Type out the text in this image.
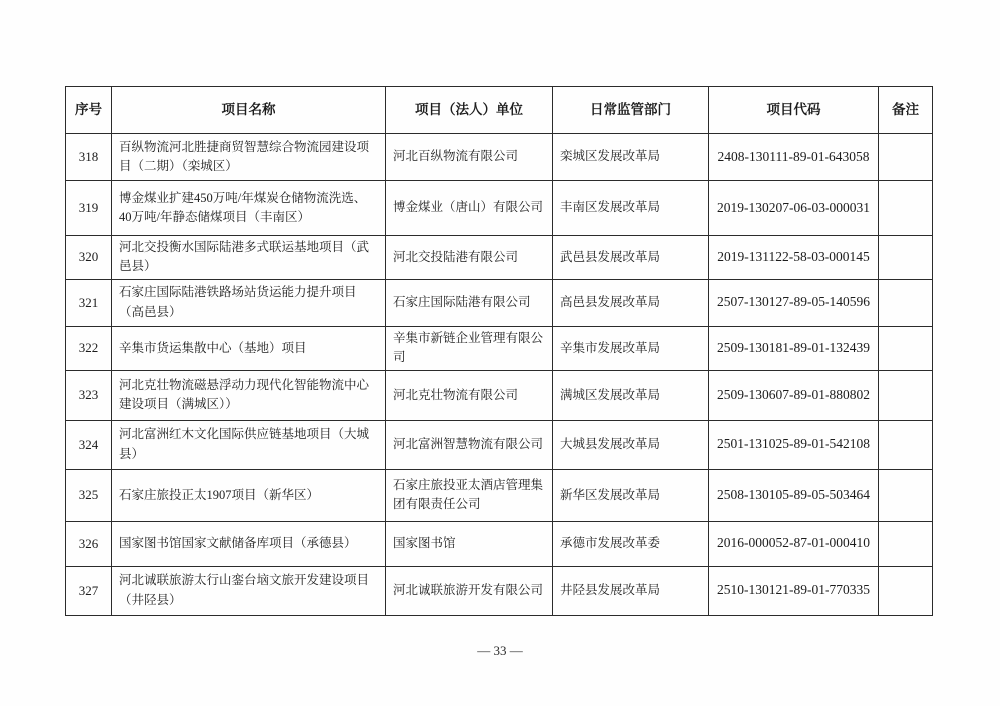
序号	项目名称	项目（法人）单位	日常监管部门	项目代码	备注
318	百纵物流河北胜捷商贸智慧综合物流园建设项目（二期）（栾城区）	河北百纵物流有限公司	栾城区发展改革局	2408-130111-89-01-643058	
319	博金煤业扩建450万吨/年煤炭仓储物流洗选、40万吨/年静态储煤项目（丰南区）	博金煤业（唐山）有限公司	丰南区发展改革局	2019-130207-06-03-000031	
320	河北交投衡水国际陆港多式联运基地项目（武邑县）	河北交投陆港有限公司	武邑县发展改革局	2019-131122-58-03-000145	
321	石家庄国际陆港铁路场站货运能力提升项目（高邑县）	石家庄国际陆港有限公司	高邑县发展改革局	2507-130127-89-05-140596	
322	辛集市货运集散中心（基地）项目	辛集市新链企业管理有限公司	辛集市发展改革局	2509-130181-89-01-132439	
323	河北克壮物流磁悬浮动力现代化智能物流中心建设项目（满城区））	河北克壮物流有限公司	满城区发展改革局	2509-130607-89-01-880802	
324	河北富洲红木文化国际供应链基地项目（大城县）	河北富洲智慧物流有限公司	大城县发展改革局	2501-131025-89-01-542108	
325	石家庄旅投正太1907项目（新华区）	石家庄旅投亚太酒店管理集团有限责任公司	新华区发展改革局	2508-130105-89-05-503464	
326	国家图书馆国家文献储备库项目（承德县）	国家图书馆	承德市发展改革委	2016-000052-87-01-000410	
327	河北诚联旅游太行山銮台垴文旅开发建设项目（井陉县）	河北诚联旅游开发有限公司	井陉县发展改革局	2510-130121-89-01-770335	
— 33 —
